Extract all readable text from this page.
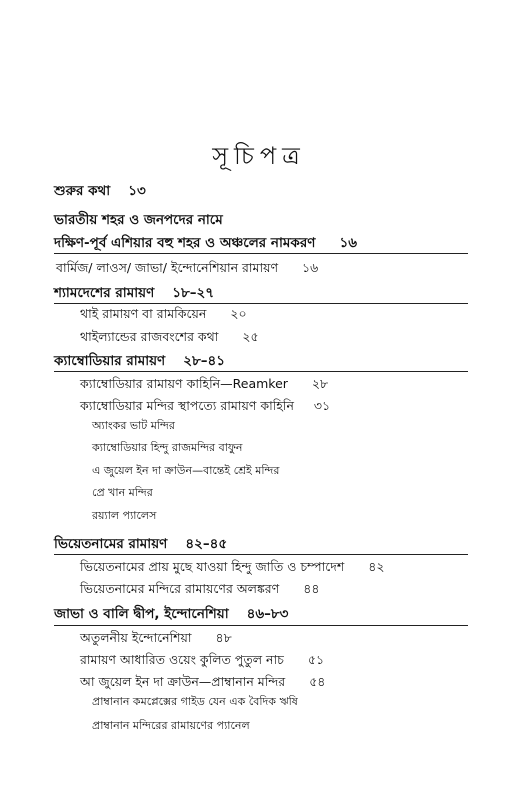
সূচিপত্র
শুরুর কথা ১৩
ভারতীয় শহর ও জনপদের নামে
দক্ষিণ-পূর্ব এশিয়ার বহু শহর ও অঞ্চলের নামকরণ ১৬
বার্মিজ/ লাওস/ জাভা/ ইন্দোনেশিয়ান রামায়ণ ১৬
শ্যামদেশের রামায়ণ ১৮–২৭
থাই রামায়ণ বা রামকিয়েন ২০
থাইল্যান্ডের রাজবংশের কথা ২৫
ক্যাম্বোডিয়ার রামায়ণ ২৮–৪১
ক্যাম্বোডিয়ার রামায়ণ কাহিনি—Reamker ২৮
ক্যাম্বোডিয়ার মন্দির স্থাপত্যে রামায়ণ কাহিনি ৩১
অ্যাংকর ভাট মন্দির
ক্যাম্বোডিয়ার হিন্দু রাজমন্দির বাফুন
এ জুয়েল ইন দা ক্রাউন—বান্তেই শ্রেই মন্দির
প্রে খান মন্দির
রয়্যাল প্যালেস
ভিয়েতনামের রামায়ণ ৪২–৪৫
ভিয়েতনামের প্রায় মুছে যাওয়া হিন্দু জাতি ও চম্পাদেশ ৪২
ভিয়েতনামের মন্দিরে রামায়ণের অলঙ্করণ ৪৪
জাভা ও বালি দ্বীপ, ইন্দোনেশিয়া ৪৬–৮৩
অতুলনীয় ইন্দোনেশিয়া ৪৮
রামায়ণ আধারিত ওয়েং কুলিত পুতুল নাচ ৫১
আ জুয়েল ইন দা ক্রাউন—প্রাম্বানান মন্দির ৫৪
প্রাম্বানান কমপ্লেক্সের গাইড যেন এক বৈদিক ঋষি
প্রাম্বানান মন্দিরের রামায়ণের প্যানেল
